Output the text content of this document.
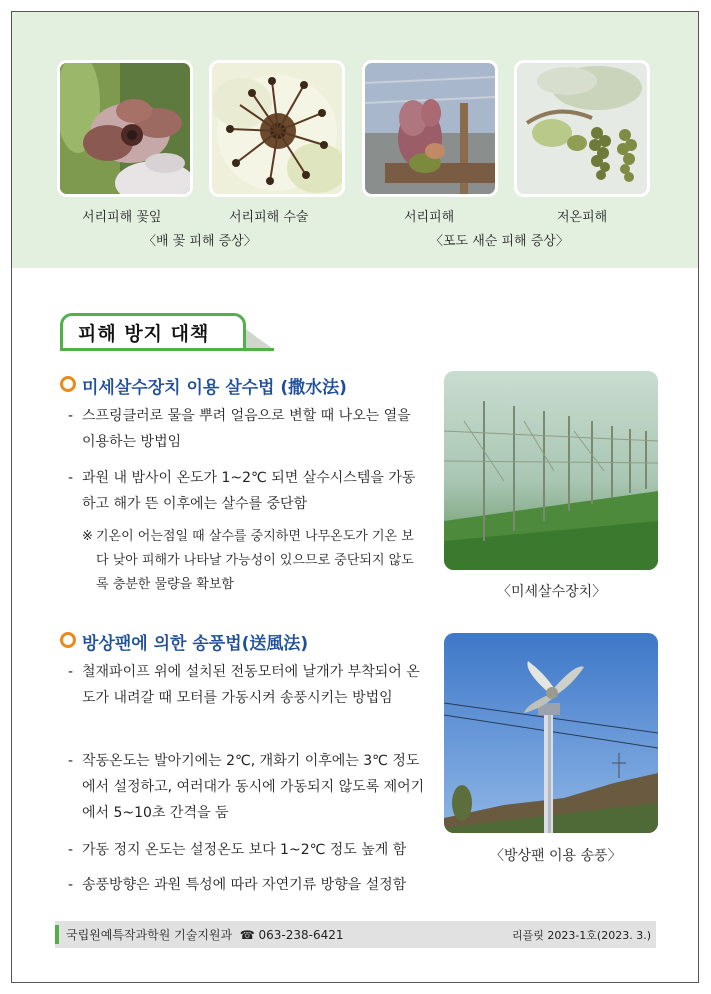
서리피해 꽃잎	서리피해 수술	서리피해	저온피해
〈배 꽃 피해 증상〉	〈포도 새순 피해 증상〉
피해 방지 대책
미세살수장치 이용 살수법 (撒水法)
- 스프링클러로 물을 뿌려 얼음으로 변할 때 나오는 열을 이용하는 방법임
- 과원 내 밤사이 온도가 1~2℃ 되면 살수시스템을 가동하고 해가 뜬 이후에는 살수를 중단함
※ 기온이 어는점일 때 살수를 중지하면 나무온도가 기온 보다 낮아 피해가 나타날 가능성이 있으므로 중단되지 않도록 충분한 물량을 확보함	〈미세살수장치〉
방상팬에 의한 송풍법(送風法)
- 철재파이프 위에 설치된 전동모터에 날개가 부착되어 온도가 내려갈 때 모터를 가동시켜 송풍시키는 방법임
- 작동온도는 발아기에는 2℃, 개화기 이후에는 3℃ 정도에서 설정하고, 여러대가 동시에 가동되지 않도록 제어기에서 5~10초 간격을 둠
- 가동 정지 온도는 설정온도 보다 1~2℃ 정도 높게 함
- 송풍방향은 과원 특성에 따라 자연기류 방향을 설정함
〈방상팬 이용 송풍〉
국립원예특작과학원 기술지원과 ☎ 063-238-6421	리플릿 2023-1호(2023. 3.)
